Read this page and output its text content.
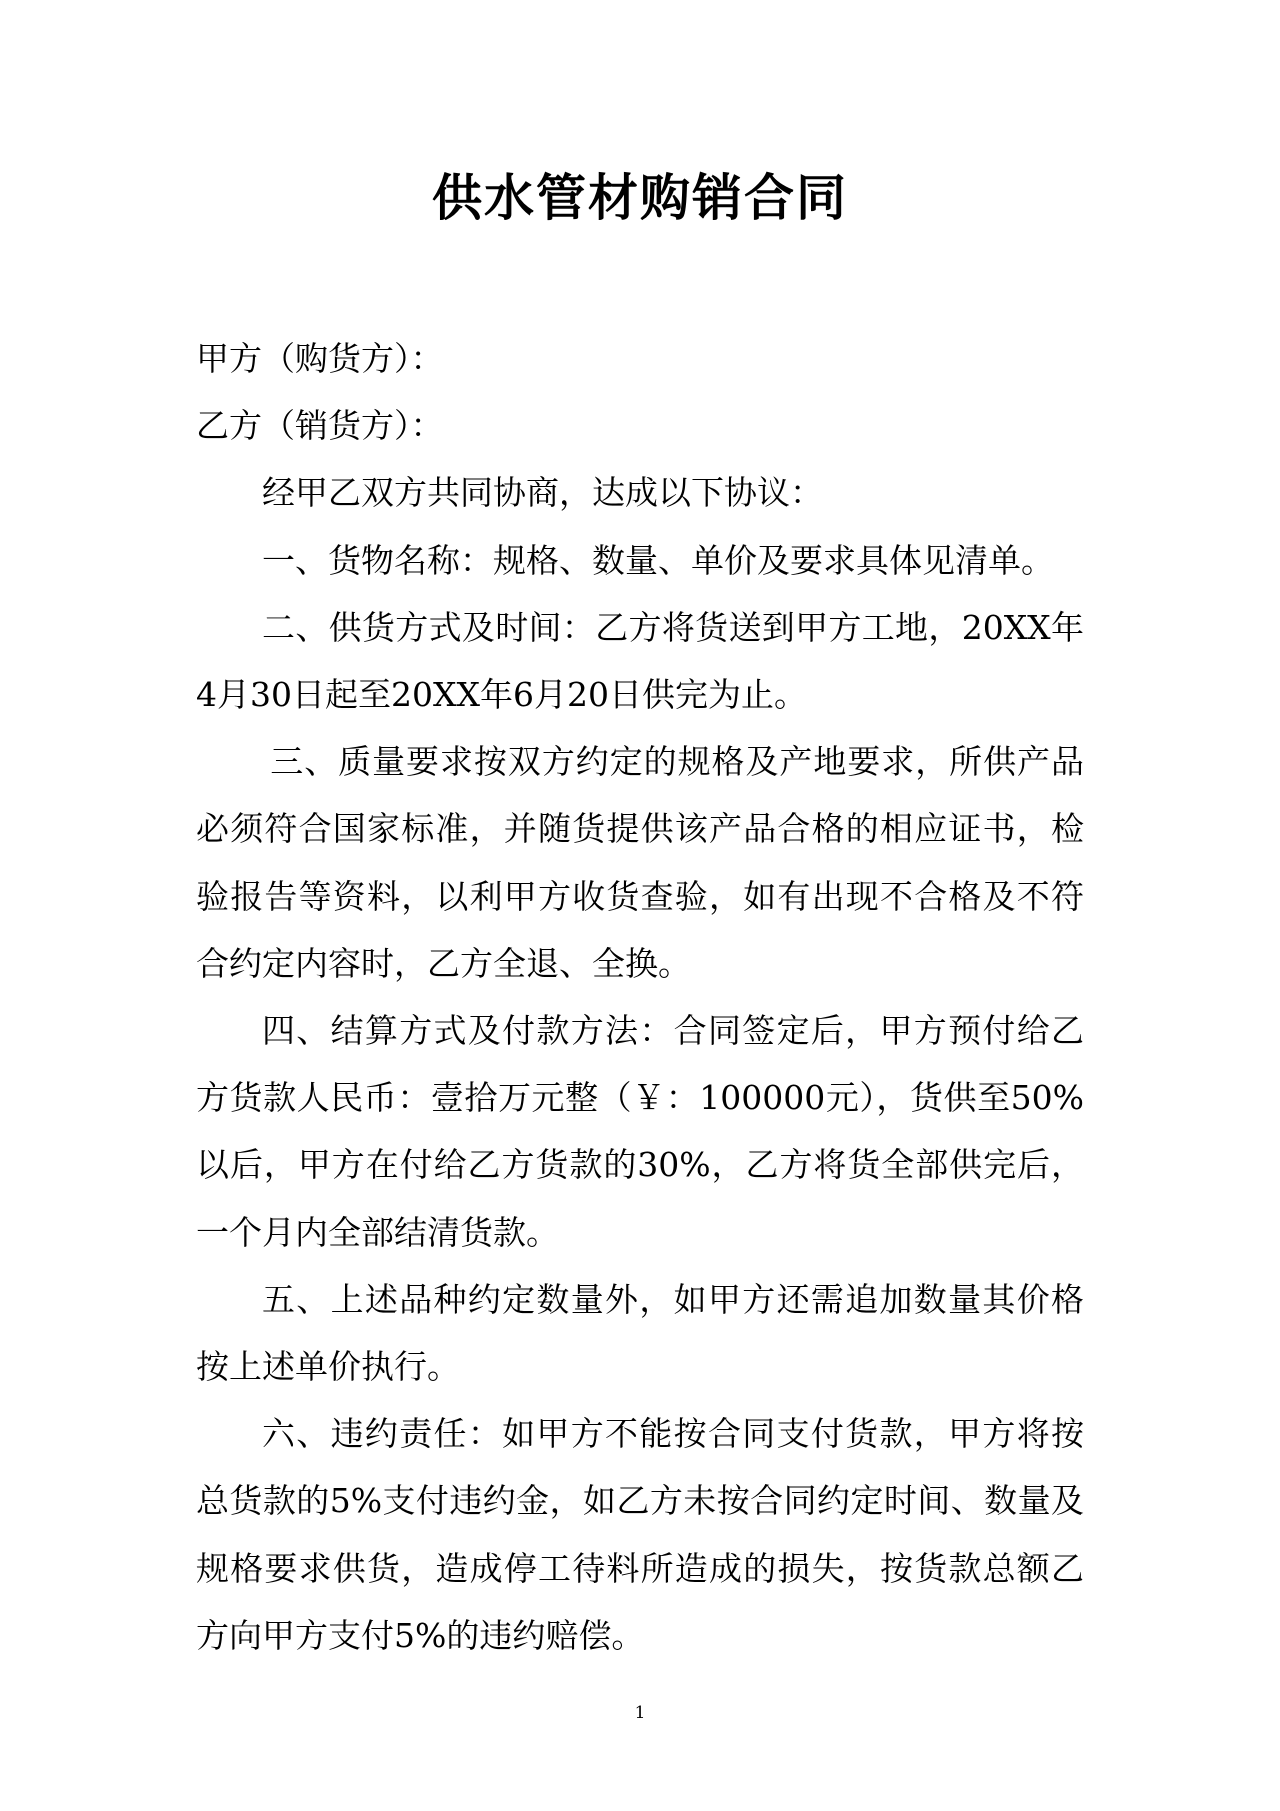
供水管材购销合同

甲方（购货方）：

乙方（销货方）：

经甲乙双方共同协商，达成以下协议：

一、货物名称：规格、数量、单价及要求具体见清单。

二、供货方式及时间：乙方将货送到甲方工地，20XX年4月30日起至20XX年6月20日供完为止。

三、质量要求按双方约定的规格及产地要求，所供产品必须符合国家标准，并随货提供该产品合格的相应证书，检验报告等资料，以利甲方收货查验，如有出现不合格及不符合约定内容时，乙方全退、全换。

四、结算方式及付款方法：合同签定后，甲方预付给乙方货款人民币：壹拾万元整（￥：100000元），货供至50%以后，甲方在付给乙方货款的30%，乙方将货全部供完后，一个月内全部结清货款。

五、上述品种约定数量外，如甲方还需追加数量其价格按上述单价执行。

六、违约责任：如甲方不能按合同支付货款，甲方将按总货款的5%支付违约金，如乙方未按合同约定时间、数量及规格要求供货，造成停工待料所造成的损失，按货款总额乙方向甲方支付5%的违约赔偿。

1
